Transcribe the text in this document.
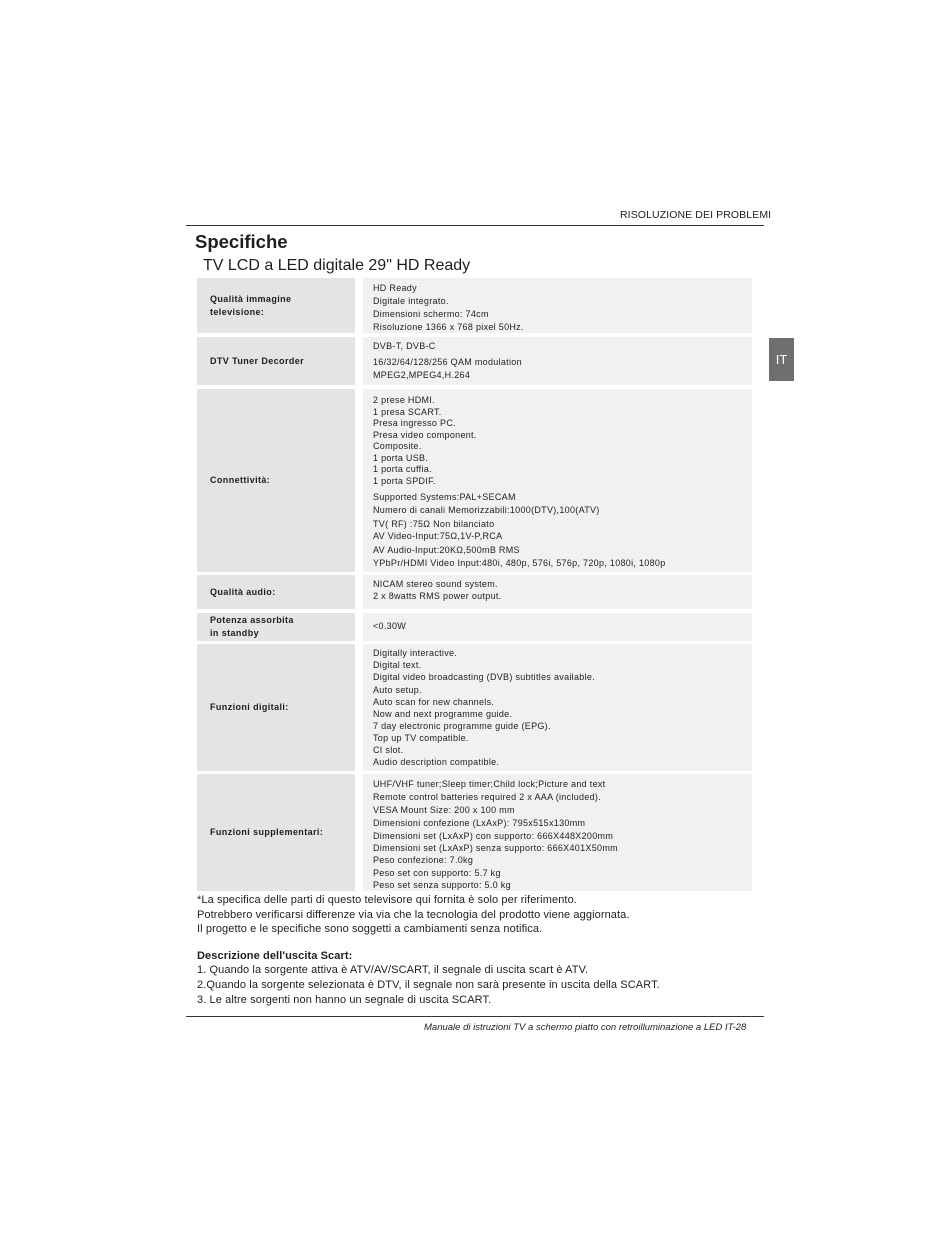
RISOLUZIONE DEI PROBLEMI
Specifiche
TV LCD a LED digitale 29" HD Ready
IT
Qualità immagine
televisione:
HD Ready
Digitale integrato.
Dimensioni schermo: 74cm
Risoluzione 1366 x 768 pixel 50Hz.
DTV Tuner Decorder
DVB-T, DVB-C
16/32/64/128/256 QAM modulation
MPEG2,MPEG4,H.264
Connettività:
2 prese HDMI.
1 presa SCART.
Presa ingresso PC.
Presa video component.
Composite.
1 porta USB.
1 porta cuffia.
1 porta SPDIF.
Supported Systems:PAL+SECAM
Numero di canali Memorizzabili:1000(DTV),100(ATV)
TV( RF) :75Ω Non bilanciato
AV Video-Input:75Ω,1V-P,RCA
AV Audio-Input:20KΩ,500mB RMS
YPbPr/HDMI Video Input:480i, 480p, 576i, 576p, 720p, 1080i, 1080p
Qualità audio:
NICAM stereo sound system.
2 x 8watts RMS power output.
Potenza assorbita
in standby
<0.30W
Funzioni digitali:
Digitally interactive.
Digital text.
Digital video broadcasting (DVB) subtitles available.
Auto setup.
Auto scan for new channels.
Now and next programme guide.
7 day electronic programme guide (EPG).
Top up TV compatible.
CI slot.
Audio description compatible.
Funzioni supplementari:
UHF/VHF tuner;Sleep timer;Child lock;Picture and text
Remote control batteries required 2 x AAA (included).
VESA Mount Size: 200 x 100 mm
Dimensioni confezione (LxAxP): 795x515x130mm
Dimensioni set (LxAxP) con supporto: 666X448X200mm
Dimensioni set (LxAxP) senza supporto: 666X401X50mm
Peso confezione: 7.0kg
Peso set con supporto: 5.7 kg
Peso set senza supporto: 5.0 kg
*La specifica delle parti di questo televisore qui fornita è solo per riferimento.
Potrebbero verificarsi differenze via via che la tecnologia del prodotto viene aggiornata.
Il progetto e le specifiche sono soggetti a cambiamenti senza notifica.
Descrizione dell'uscita Scart:
1. Quando la sorgente attiva è ATV/AV/SCART, il segnale di uscita scart è ATV.
2.Quando la sorgente selezionata è DTV, il segnale non sarà presente in uscita della SCART.
3. Le altre sorgenti non hanno un segnale di uscita SCART.
Manuale di istruzioni TV a schermo piatto con retroilluminazione a LED IT-28
